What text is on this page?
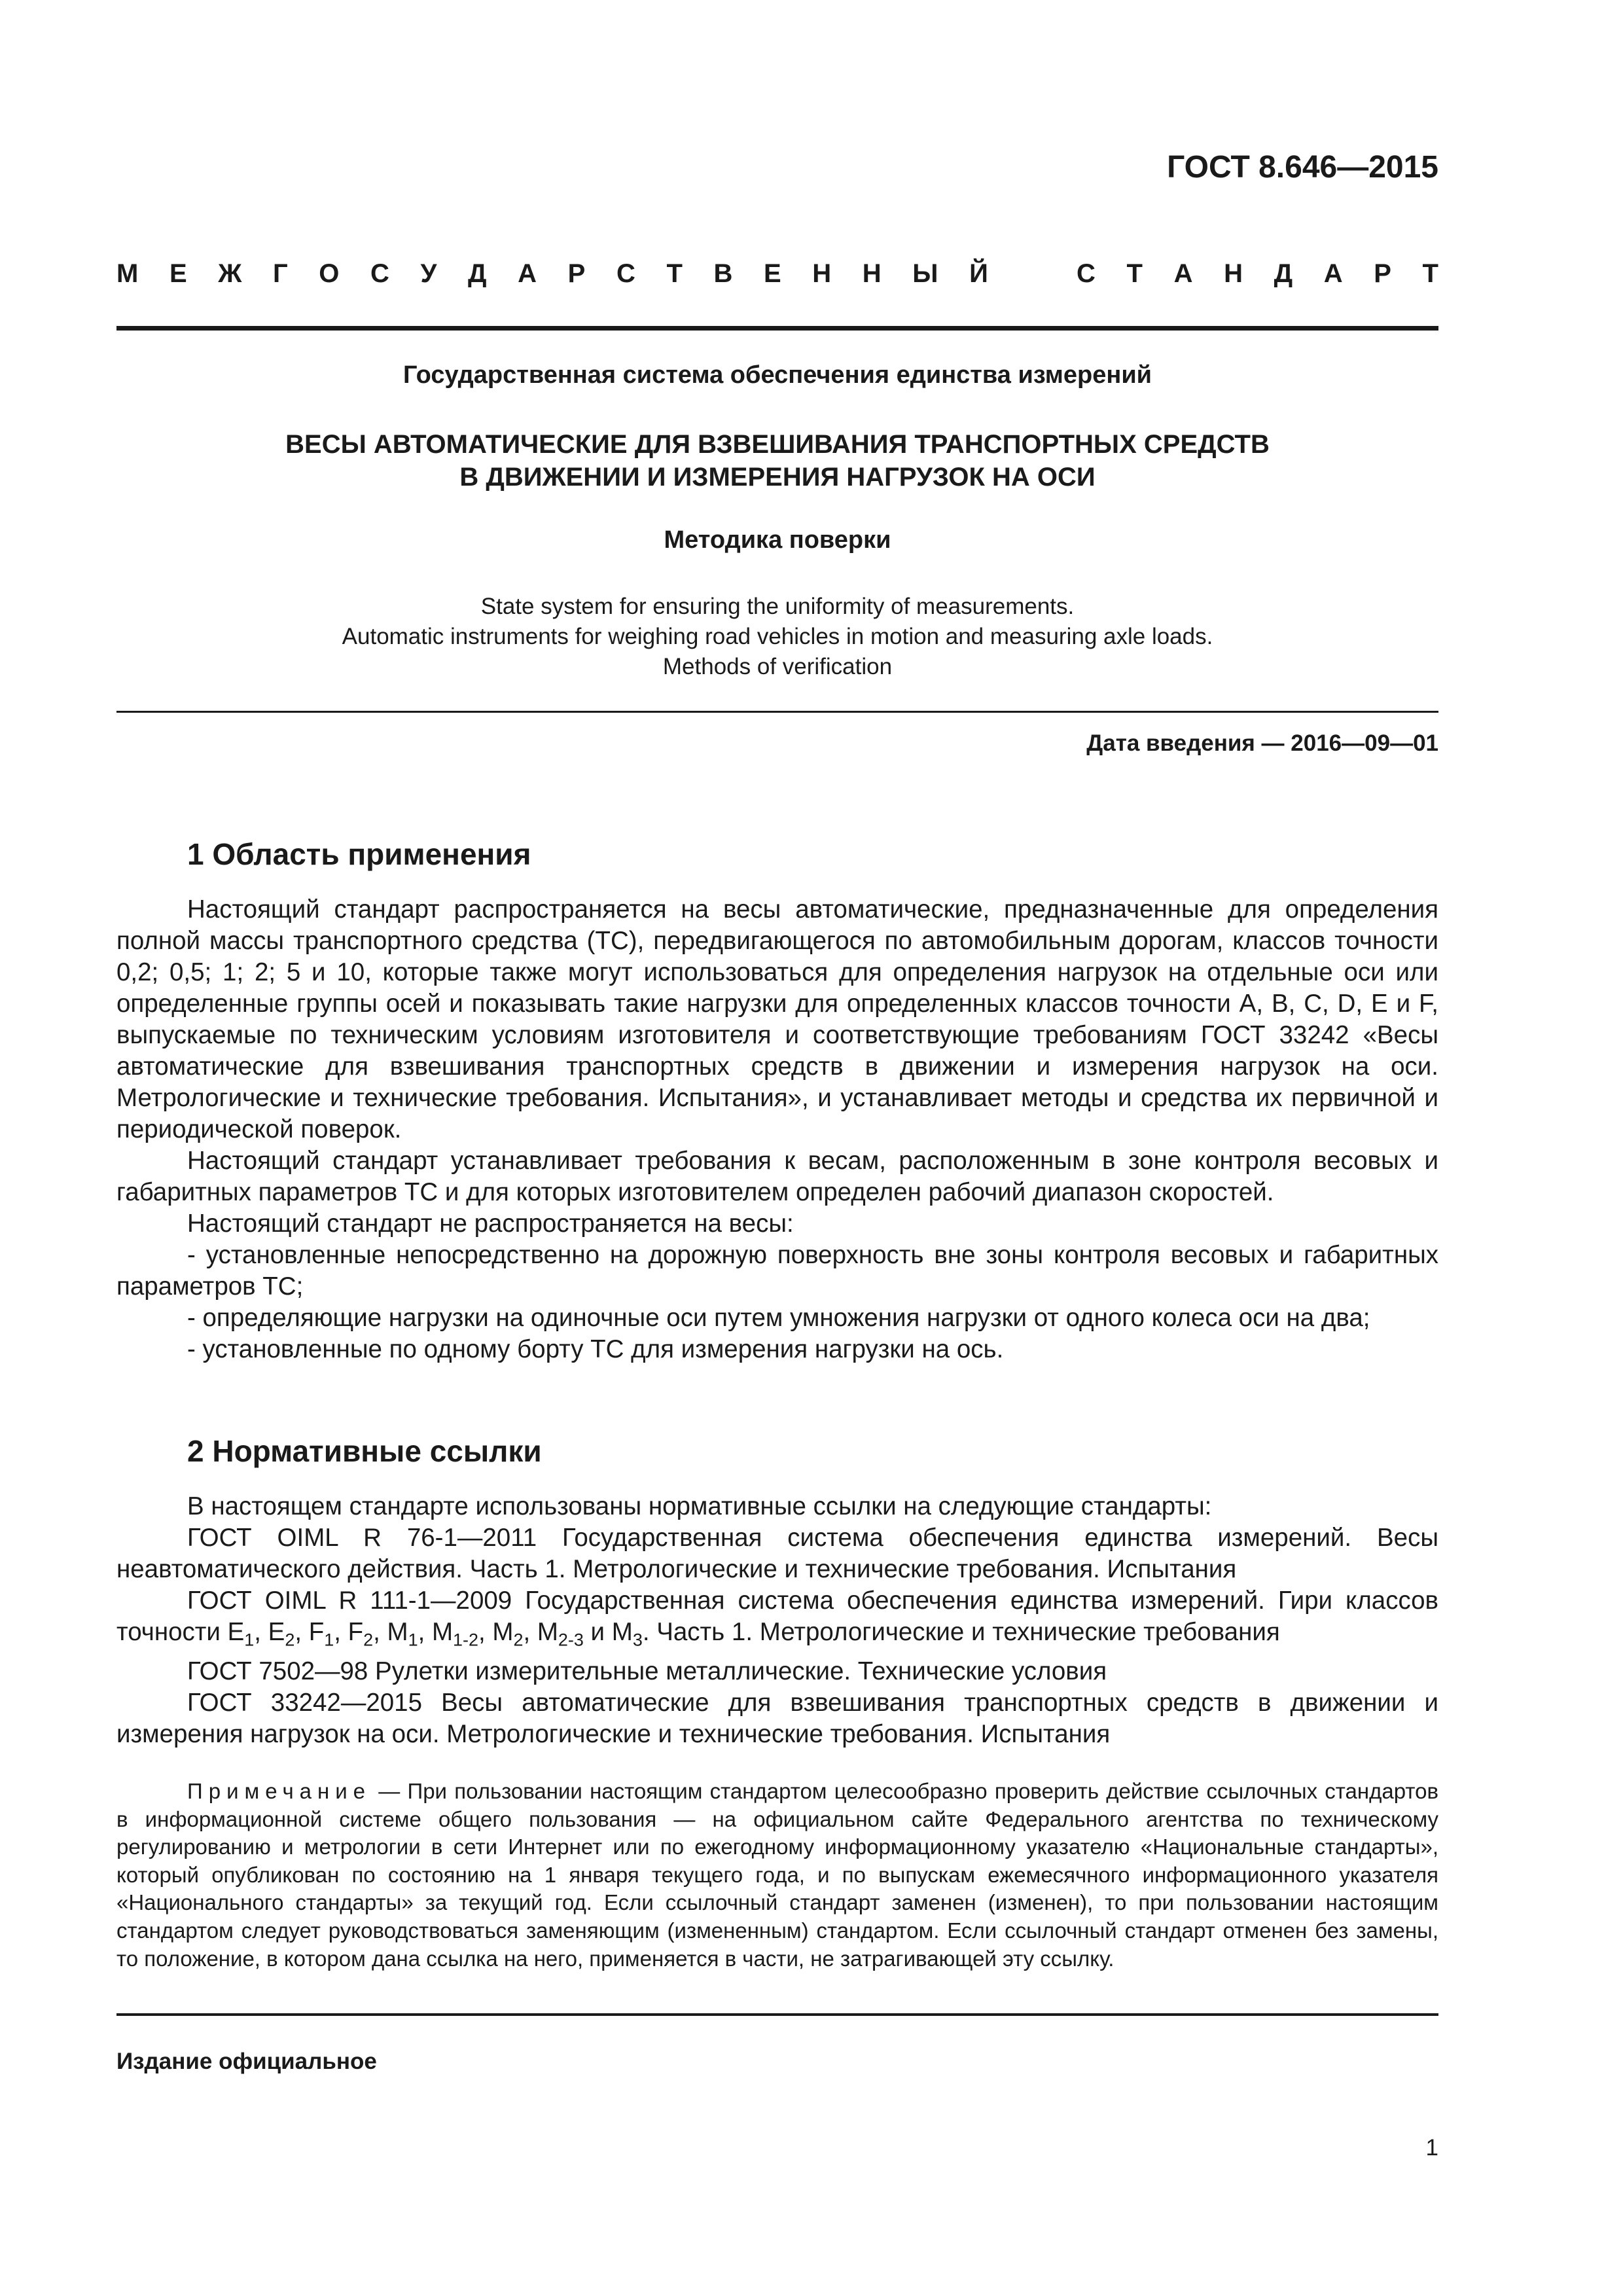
ГОСТ 8.646—2015
М Е Ж Г О С У Д А Р С Т В Е Н Н Ы Й	С Т А Н Д А Р Т
Государственная система обеспечения единства измерений
ВЕСЫ АВТОМАТИЧЕСКИЕ ДЛЯ ВЗВЕШИВАНИЯ ТРАНСПОРТНЫХ СРЕДСТВ
В ДВИЖЕНИИ И ИЗМЕРЕНИЯ НАГРУЗОК НА ОСИ
Методика поверки
State system for ensuring the uniformity of measurements.
Automatic instruments for weighing road vehicles in motion and measuring axle loads.
Methods of verification
Дата введения — 2016—09—01
1 Область применения

Настоящий стандарт распространяется на весы автоматические, предназначенные для определения полной массы транспортного средства (ТС), передвигающегося по автомобильным дорогам, классов точности 0,2; 0,5; 1; 2; 5 и 10, которые также могут использоваться для определения нагрузок на отдельные оси или определенные группы осей и показывать такие нагрузки для определенных классов точности A, B, C, D, E и F, выпускаемые по техническим условиям изготовителя и соответствующие требованиям ГОСТ 33242 «Весы автоматические для взвешивания транспортных средств в движении и измерения нагрузок на оси. Метрологические и технические требования. Испытания», и устанавливает методы и средства их первичной и периодической поверок.

Настоящий стандарт устанавливает требования к весам, расположенным в зоне контроля весовых и габаритных параметров ТС и для которых изготовителем определен рабочий диапазон скоростей.

Настоящий стандарт не распространяется на весы:

- установленные непосредственно на дорожную поверхность вне зоны контроля весовых и габаритных параметров ТС;

- определяющие нагрузки на одиночные оси путем умножения нагрузки от одного колеса оси на два;

- установленные по одному борту ТС для измерения нагрузки на ось.

2 Нормативные ссылки

В настоящем стандарте использованы нормативные ссылки на следующие стандарты:

ГОСТ OIML R 76-1—2011 Государственная система обеспечения единства измерений. Весы неавтоматического действия. Часть 1. Метрологические и технические требования. Испытания

ГОСТ OIML R 111-1—2009 Государственная система обеспечения единства измерений. Гири классов точности $E_1$, $E_2$, $F_1$, $F_2$, $M_1$, $M_{1-2}$, $M_2$, $M_{2-3}$ и $M_3$. Часть 1. Метрологические и технические требования

ГОСТ 7502—98 Рулетки измерительные металлические. Технические условия

ГОСТ 33242—2015 Весы автоматические для взвешивания транспортных средств в движении и измерения нагрузок на оси. Метрологические и технические требования. Испытания

Примечание — При пользовании настоящим стандартом целесообразно проверить действие ссылочных стандартов в информационной системе общего пользования — на официальном сайте Федерального агентства по техническому регулированию и метрологии в сети Интернет или по ежегодному информационному указателю «Национальные стандарты», который опубликован по состоянию на 1 января текущего года, и по выпускам ежемесячного информационного указателя «Национального стандарты» за текущий год. Если ссылочный стандарт заменен (изменен), то при пользовании настоящим стандартом следует руководствоваться заменяющим (измененным) стандартом. Если ссылочный стандарт отменен без замены, то положение, в котором дана ссылка на него, применяется в части, не затрагивающей эту ссылку.

Издание официальное
1
